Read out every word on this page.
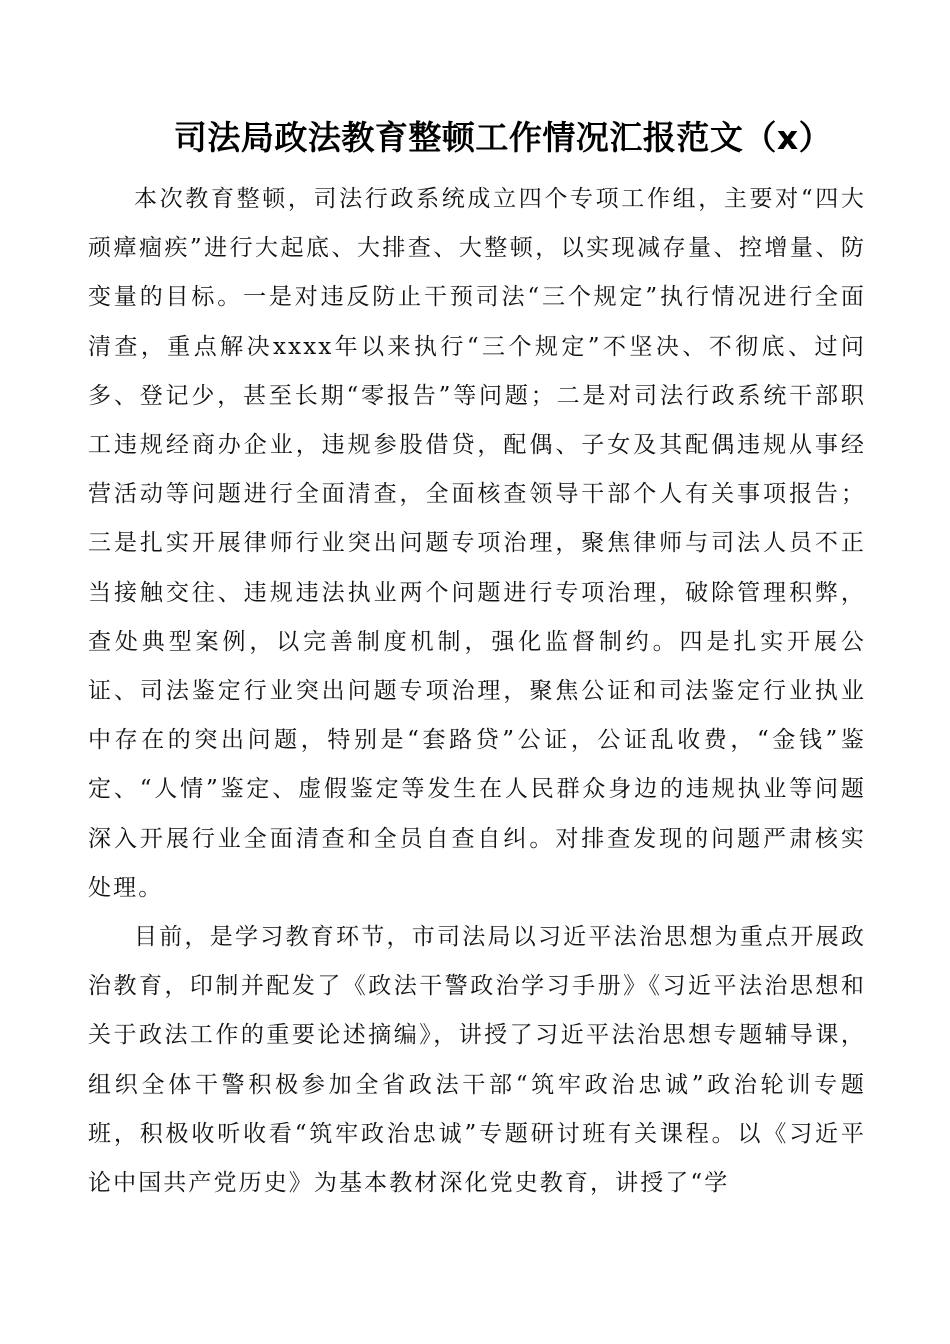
司法局政法教育整顿工作情况汇报范文（x）

本次教育整顿，司法行政系统成立四个专项工作组，主要对“四大顽瘴痼疾”进行大起底、大排查、大整顿，以实现减存量、控增量、防变量的目标。一是对违反防止干预司法“三个规定”执行情况进行全面清查，重点解决xxxx年以来执行“三个规定”不坚决、不彻底、过问多、登记少，甚至长期“零报告”等问题；二是对司法行政系统干部职工违规经商办企业，违规参股借贷，配偶、子女及其配偶违规从事经营活动等问题进行全面清查，全面核查领导干部个人有关事项报告；三是扎实开展律师行业突出问题专项治理，聚焦律师与司法人员不正当接触交往、违规违法执业两个问题进行专项治理，破除管理积弊，查处典型案例，以完善制度机制，强化监督制约。四是扎实开展公证、司法鉴定行业突出问题专项治理，聚焦公证和司法鉴定行业执业中存在的突出问题，特别是“套路贷”公证，公证乱收费，“金钱”鉴定、“人情”鉴定、虚假鉴定等发生在人民群众身边的违规执业等问题深入开展行业全面清查和全员自查自纠。对排查发现的问题严肃核实处理。

目前，是学习教育环节，市司法局以习近平法治思想为重点开展政治教育，印制并配发了《政法干警政治学习手册》《习近平法治思想和关于政法工作的重要论述摘编》，讲授了习近平法治思想专题辅导课，组织全体干警积极参加全省政法干部“筑牢政治忠诚”政治轮训专题班，积极收听收看“筑牢政治忠诚”专题研讨班有关课程。以《习近平论中国共产党历史》为基本教材深化党史教育，讲授了“学
